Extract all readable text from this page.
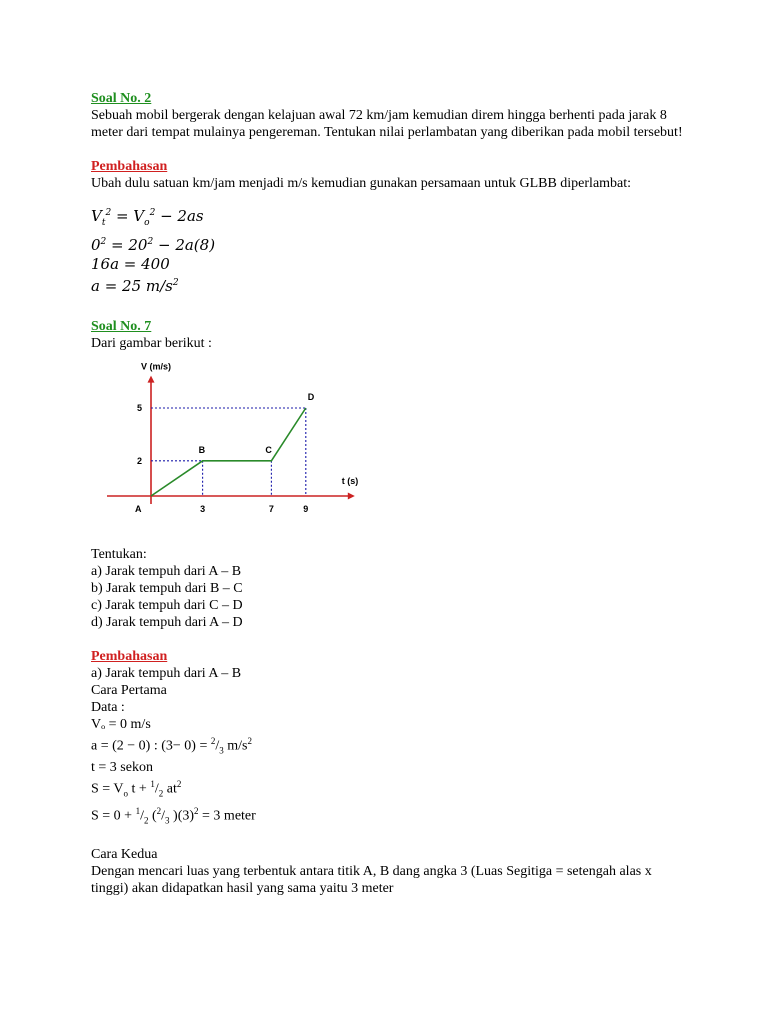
Soal No. 2

Sebuah mobil bergerak dengan kelajuan awal 72 km/jam kemudian direm hingga berhenti pada jarak 8 meter dari tempat mulainya pengereman. Tentukan nilai perlambatan yang diberikan pada mobil tersebut!

Pembahasan

Ubah dulu satuan km/jam menjadi m/s kemudian gunakan persamaan untuk GLBB diperlambat:

$V_t^2 = V_o^2 - 2as$
$0^2 = 20^2 - 2a(8)$
16a = 400
a = 25 $m/s^2$

Soal No. 7

Dari gambar berikut :

V (m/s)
t (s)
A
B	C
D
3	7	9
2
5

Tentukan:

a) Jarak tempuh dari A – B

b) Jarak tempuh dari B – C

c) Jarak tempuh dari C – D

d) Jarak tempuh dari A – D

Pembahasan

a) Jarak tempuh dari A – B

Cara Pertama

Data :

Vₒ = 0 m/s

a = (2 − 0) : $(3- 0) = ^2/_3$ $m/s^2$

t = 3 sekon

$S = V_o$ $t + ^1/_2$ $at^2$

$S = 0 + ^1/_2$ ($^2/_3$ )$(3)^2 = 3$ meter

Cara Kedua

Dengan mencari luas yang terbentuk antara titik A, B dang angka 3 (Luas Segitiga = setengah alas x tinggi) akan didapatkan hasil yang sama yaitu 3 meter
